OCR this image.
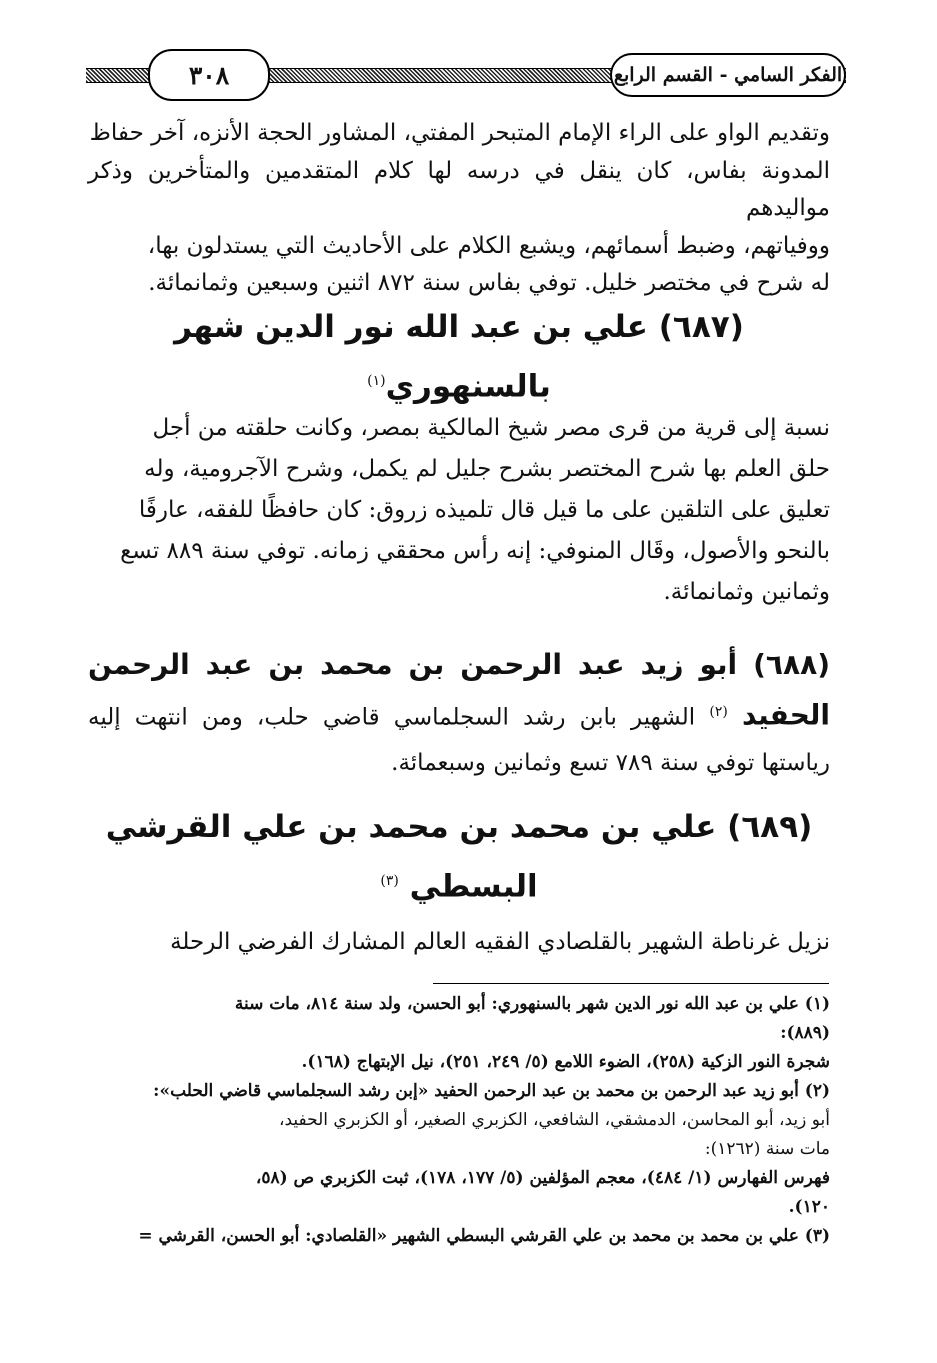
الفكر السامي - القسم الرابع
٣٠٨

وتقديم الواو على الراء الإمام المتبحر المفتي، المشاور الحجة الأنزه، آخر حفاظ
المدونة بفاس، كان ينقل في درسه لها كلام المتقدمين والمتأخرين وذكر مواليدهم
ووفياتهم، وضبط أسمائهم، ويشبع الكلام على الأحاديث التي يستدلون بها،
له شرح في مختصر خليل. توفي بفاس سنة ٨٧٢ اثنين وسبعين وثمانمائة.

(٦٨٧) علي بن عبد الله نور الدين شهر
بالسنهوري$^{(١)}$

نسبة إلى قرية من قرى مصر شيخ المالكية بمصر، وكانت حلقته من أجل
حلق العلم بها شرح المختصر بشرح جليل لم يكمل، وشرح الآجرومية، وله
تعليق على التلقين على ما قيل قال تلميذه زروق: كان حافظًا للفقه، عارفًا
بالنحو والأصول، وقَال المنوفي: إنه رأس محققي زمانه. توفي سنة ٨٨٩ تسع
وثمانين وثمانمائة.

(٦٨٨) أبو زيد عبد الرحمن بن محمد بن عبد الرحمن الحفيد $^{(٢)}$ الشهير بابن رشد السجلماسي قاضي حلب، ومن انتهت إليه رياستها توفي سنة ٧٨٩ تسع وثمانين وسبعمائة.

(٦٨٩) علي بن محمد بن محمد بن علي القرشي
البسطي $^{(٣)}$

نزيل غرناطة الشهير بالقلصادي الفقيه العالم المشارك الفرضي الرحلة

(١) علي بن عبد الله نور الدين شهر بالسنهوري: أبو الحسن، ولد سنة ٨١٤، مات سنة
(٨٨٩):

شجرة النور الزكية (٢٥٨)، الضوء اللامع (٥/ ٢٤٩، ٢٥١)، نيل الإبتهاج (١٦٨).

(٢) أبو زيد عبد الرحمن بن محمد بن عبد الرحمن الحفيد «إبن رشد السجلماسي قاضي الحلب»:

أبو زيد، أبو المحاسن، الدمشقي، الشافعي، الكزبري الصغير، أو الكزبري الحفيد،
مات سنة (١٢٦٢):

فهرس الفهارس (١/ ٤٨٤)، معجم المؤلفين (٥/ ١٧٧، ١٧٨)، ثبت الكزبري ص (٥٨،
١٢٠).

(٣) علي بن محمد بن محمد بن علي القرشي البسطي الشهير «القلصادي: أبو الحسن، القرشي =
